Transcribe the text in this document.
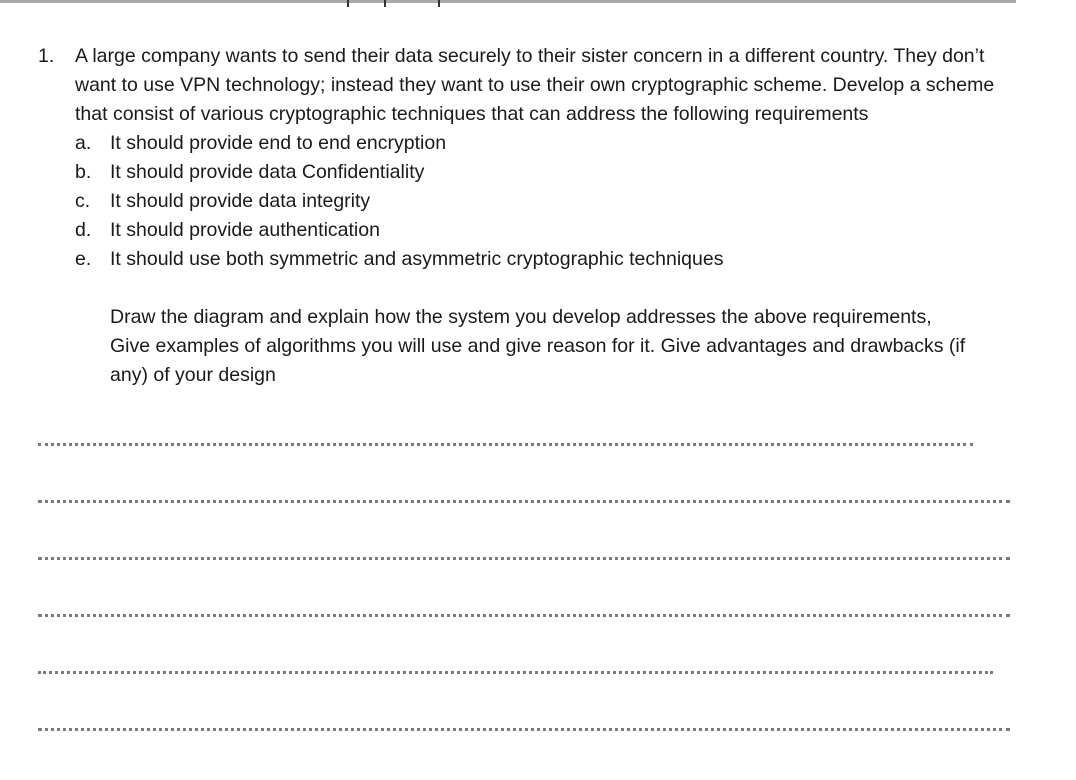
1.	A large company wants to send their data securely to their sister concern in a different country. They don’t want to use VPN technology; instead they want to use their own cryptographic scheme. Develop a scheme that consist of various cryptographic techniques that can address the following requirements
a. It should provide end to end encryption
b. It should provide data Confidentiality
c.	It should provide data integrity
d. It should provide authentication
e. It should use both symmetric and asymmetric cryptographic techniques
Draw the diagram and explain how the system you develop addresses the above requirements, Give examples of algorithms you will use and give reason for it. Give advantages and drawbacks (if any) of your design
